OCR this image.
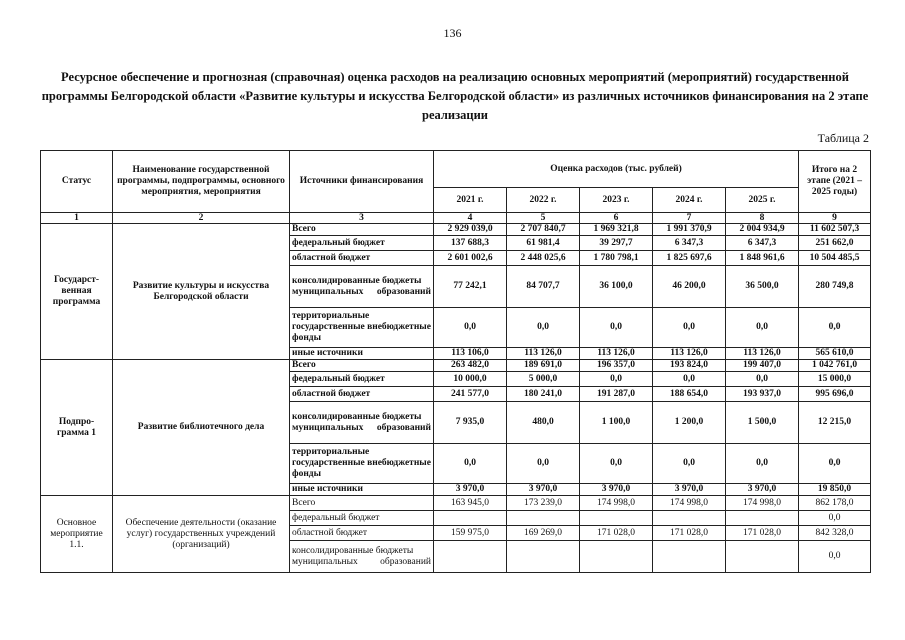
136
Ресурсное обеспечение и прогнозная (справочная) оценка расходов на реализацию основных мероприятий (мероприятий) государственной программы Белгородской области «Развитие культуры и искусства Белгородской области» из различных источников финансирования на 2 этапе реализации
Таблица 2
Статус	Наименование государственной программы, подпрограммы, основного мероприятия, мероприятия	Источники финансирования	Оценка расходов (тыс. рублей)					Итого на 2 этапе (2021 – 2025 годы)
			2021 г.	2022 г.	2023 г.	2024 г.	2025 г.	
1	2	3	4	5	6	7	8	9
Государст-венная программа	Развитие культуры и искусства Белгородской области	Всего	2 929 039,0	2 707 840,7	1 969 321,8	1 991 370,9	2 004 934,9	11 602 507,3
		федеральный бюджет	137 688,3	61 981,4	39 297,7	6 347,3	6 347,3	251 662,0
		областной бюджет	2 601 002,6	2 448 025,6	1 780 798,1	1 825 697,6	1 848 961,6	10 504 485,5
		консолидированные бюджеты муниципальных образований	77 242,1	84 707,7	36 100,0	46 200,0	36 500,0	280 749,8
		территориальные государственные внебюджетные фонды	0,0	0,0	0,0	0,0	0,0	0,0
		иные источники	113 106,0	113 126,0	113 126,0	113 126,0	113 126,0	565 610,0
Подпро-грамма 1	Развитие библиотечного дела	Всего	263 482,0	189 691,0	196 357,0	193 824,0	199 407,0	1 042 761,0
		федеральный бюджет	10 000,0	5 000,0	0,0	0,0	0,0	15 000,0
		областной бюджет	241 577,0	180 241,0	191 287,0	188 654,0	193 937,0	995 696,0
		консолидированные бюджеты муниципальных образований	7 935,0	480,0	1 100,0	1 200,0	1 500,0	12 215,0
		территориальные государственные внебюджетные фонды	0,0	0,0	0,0	0,0	0,0	0,0
		иные источники	3 970,0	3 970,0	3 970,0	3 970,0	3 970,0	19 850,0
Основное мероприятие 1.1.	Обеспечение деятельности (оказание услуг) государственных учреждений (организаций)	Всего	163 945,0	173 239,0	174 998,0	174 998,0	174 998,0	862 178,0
		федеральный бюджет						0,0
		областной бюджет	159 975,0	169 269,0	171 028,0	171 028,0	171 028,0	842 328,0
		консолидированные бюджеты муниципальных образований						0,0
